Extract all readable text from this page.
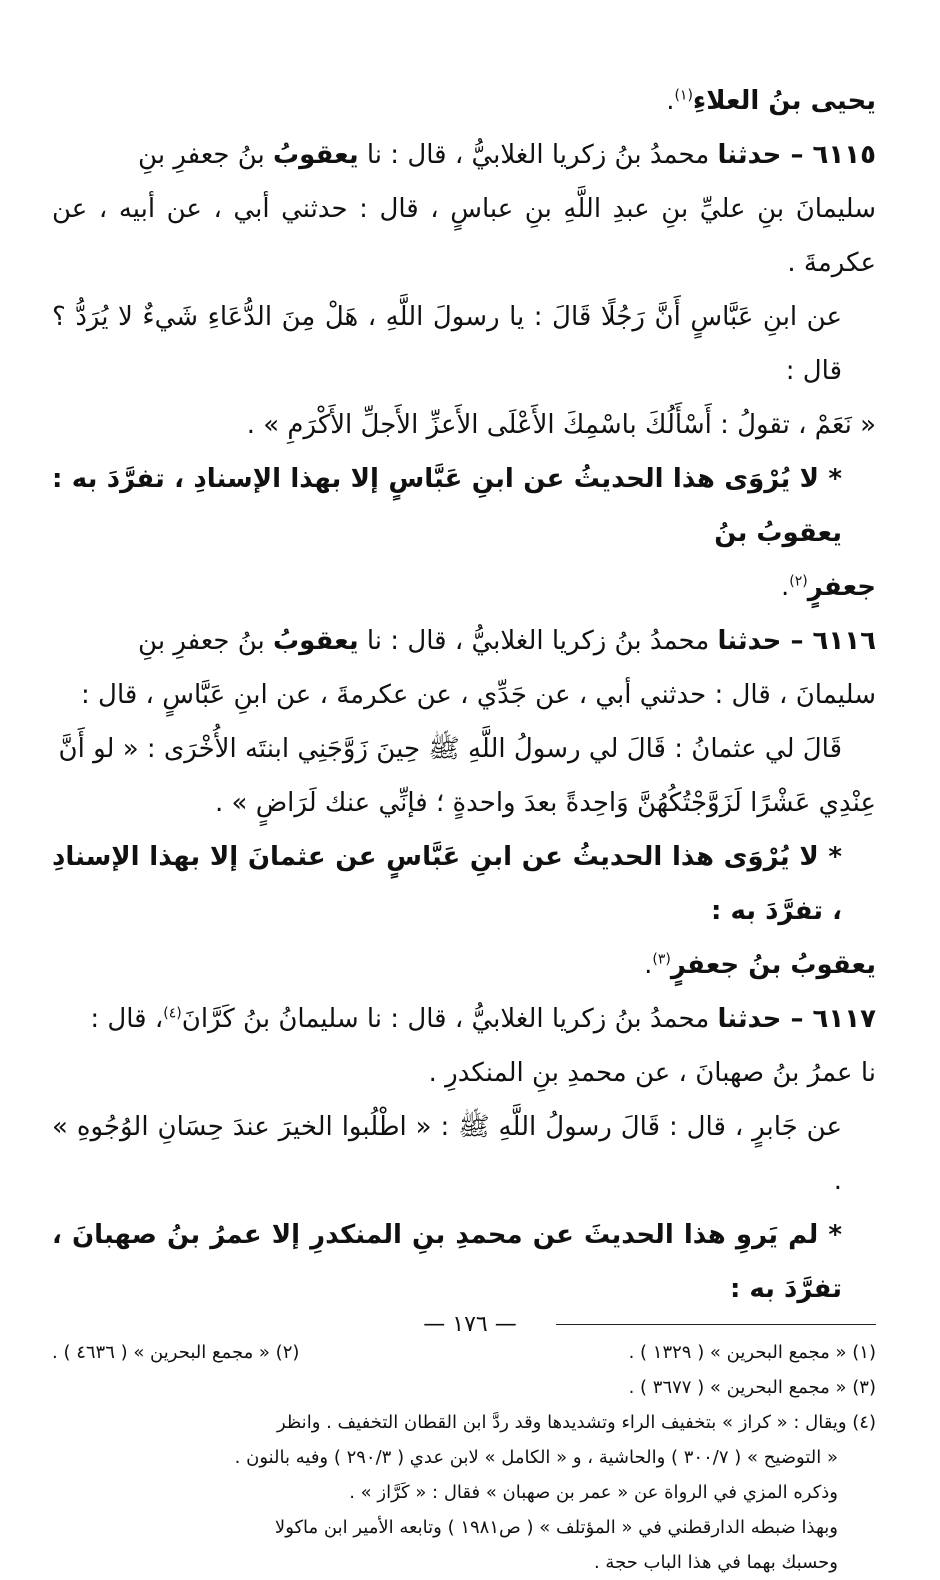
يحيى بنُ العلاءِ$^{(١)}$.
٦١١٥ – حدثنا محمدُ بنُ زكريا الغلابيُّ ، قال : نا يعقوبُ بنُ جعفرِ بنِ
سليمانَ بنِ عليِّ بنِ عبدِ اللَّهِ بنِ عباسٍ ، قال : حدثني أبي ، عن أبيه ، عن عكرمةَ .
عن ابنِ عَبَّاسٍ أَنَّ رَجُلًا قَالَ : يا رسولَ اللَّهِ ، هَلْ مِنَ الدُّعَاءِ شَيءٌ لا يُرَدُّ ؟ قال :
« نَعَمْ ، تقولُ : أَسْأَلُكَ باسْمِكَ الأَعْلَى الأَعزِّ الأَجلِّ الأَكْرَمِ » .
* لا يُرْوَى هذا الحديثُ عن ابنِ عَبَّاسٍ إلا بهذا الإسنادِ ، تفرَّدَ به : يعقوبُ بنُ
جعفرٍ$^{(٢)}$.
٦١١٦ – حدثنا محمدُ بنُ زكريا الغلابيُّ ، قال : نا يعقوبُ بنُ جعفرِ بنِ
سليمانَ ، قال : حدثني أبي ، عن جَدِّي ، عن عكرمةَ ، عن ابنِ عَبَّاسٍ ، قال :
قَالَ لي عثمانُ : قَالَ لي رسولُ اللَّهِ ﷺ حِينَ زَوَّجَنِي ابنتَه الأُخْرَى : « لو أَنَّ
عِنْدِي عَشْرًا لَزَوَّجْتُكُهُنَّ وَاحِدةً بعدَ واحدةٍ ؛ فإنِّي عنك لَرَاضٍ » .
* لا يُرْوَى هذا الحديثُ عن ابنِ عَبَّاسٍ عن عثمانَ إلا بهذا الإسنادِ ، تفرَّدَ به :
يعقوبُ بنُ جعفرٍ$^{(٣)}$.
٦١١٧ – حدثنا محمدُ بنُ زكريا الغلابيُّ ، قال : نا سليمانُ بنُ كَرَّانَ$^{(٤)}$، قال :
نا عمرُ بنُ صهبانَ ، عن محمدِ بنِ المنكدرِ .
عن جَابرٍ ، قال : قَالَ رسولُ اللَّهِ ﷺ : « اطْلُبوا الخيرَ عندَ حِسَانِ الوُجُوهِ » .
* لم يَروِ هذا الحديثَ عن محمدِ بنِ المنكدرِ إلا عمرُ بنُ صهبانَ ، تفرَّدَ به :
(١) « مجمع البحرين » ( ١٣٢٩ ) .
(٢) « مجمع البحرين » ( ٤٦٣٦ ) .
(٣) « مجمع البحرين » ( ٣٦٧٧ ) .
(٤) ويقال : « كراز » بتخفيف الراء وتشديدها وقد ردَّ ابن القطان التخفيف . وانظر
« التوضيح » ( ٣٠٠/٧ ) والحاشية ، و « الكامل » لابن عدي ( ٢٩٠/٣ ) وفيه بالنون .
وذكره المزي في الرواة عن « عمر بن صهبان » فقال : « كَرَّاز » .
وبهذا ضبطه الدارقطني في « المؤتلف » ( ص١٩٨١ ) وتابعه الأمير ابن ماكولا
وحسبك بهما في هذا الباب حجة .
— ١٧٦ —
